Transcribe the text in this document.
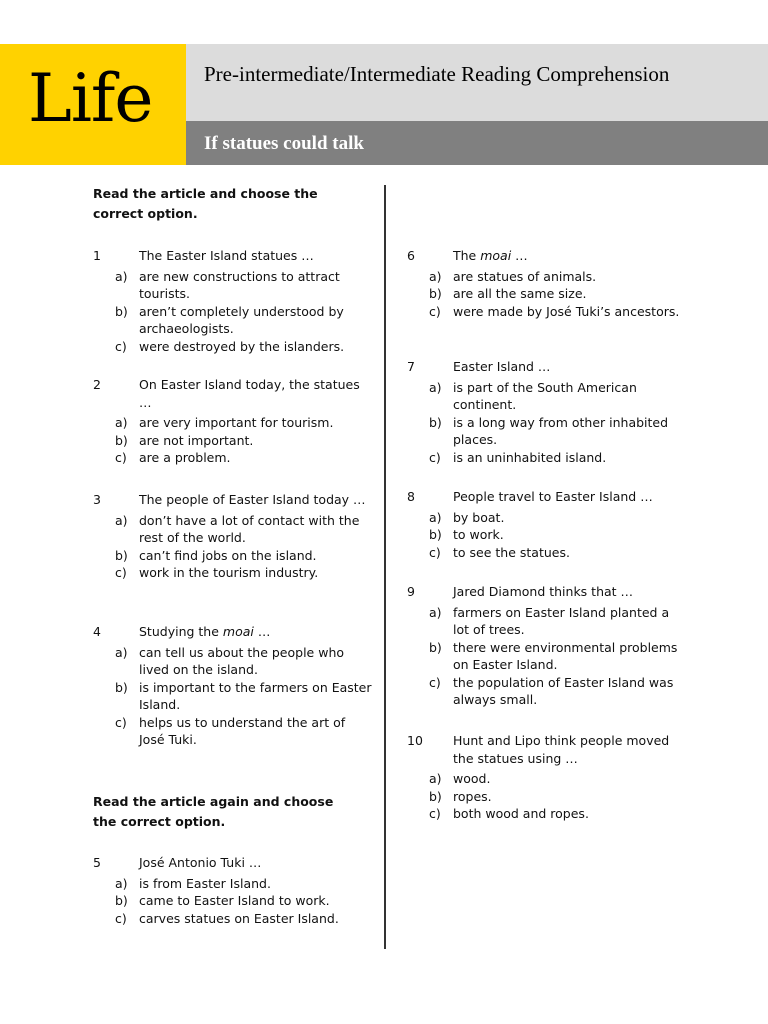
Life Pre-intermediate/Intermediate Reading Comprehension
If statues could talk
Read the article and choose the correct option.
1	The Easter Island statues …
a) are new constructions to attract tourists.
b) aren’t completely understood by archaeologists.
c) were destroyed by the islanders.
2	On Easter Island today, the statues …
a) are very important for tourism.
b) are not important.
c) are a problem.
3	The people of Easter Island today …
a) don’t have a lot of contact with the rest of the world.
b) can’t find jobs on the island.
c) work in the tourism industry.
4	Studying the moai …
a) can tell us about the people who lived on the island.
b) is important to the farmers on Easter Island.
c) helps us to understand the art of José Tuki.
Read the article again and choose the correct option.
5	José Antonio Tuki …
a) is from Easter Island.
b) came to Easter Island to work.
c) carves statues on Easter Island.
6	The moai …
a) are statues of animals.
b) are all the same size.
c) were made by José Tuki’s ancestors.
7	Easter Island …
a) is part of the South American continent.
b) is a long way from other inhabited places.
c) is an uninhabited island.
8	People travel to Easter Island …
a) by boat.
b) to work.
c) to see the statues.
9	Jared Diamond thinks that …
a) farmers on Easter Island planted a lot of trees.
b) there were environmental problems on Easter Island.
c) the population of Easter Island was always small.
10	Hunt and Lipo think people moved the statues using …
a) wood.
b) ropes.
c) both wood and ropes.
